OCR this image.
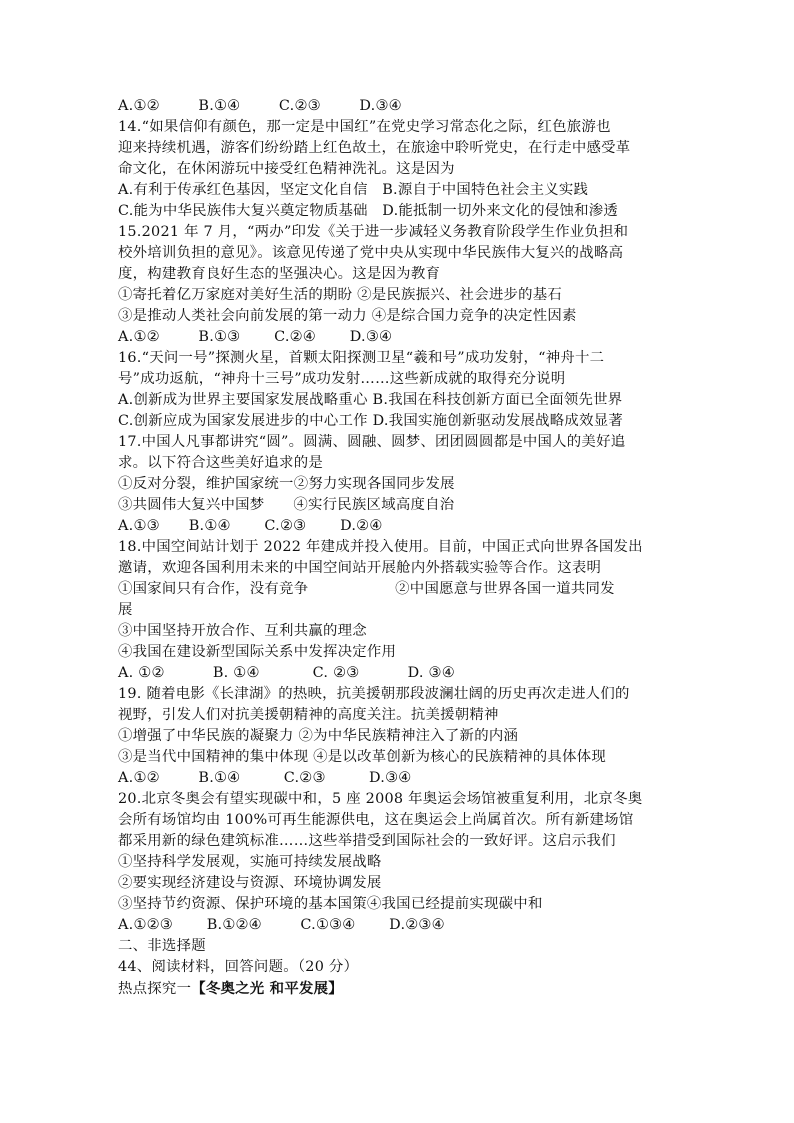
A.①②        B.①④        C.②③        D.③④
14.“如果信仰有颜色，那一定是中国红”在党史学习常态化之际，红色旅游也
迎来持续机遇，游客们纷纷踏上红色故土，在旅途中聆听党史，在行走中感受革
命文化，在休闲游玩中接受红色精神洗礼。这是因为
A.有利于传承红色基因，坚定文化自信   B.源自于中国特色社会主义实践
C.能为中华民族伟大复兴奠定物质基础   D.能抵制一切外来文化的侵蚀和渗透
15.2021 年 7 月，“两办”印发《关于进一步减轻义务教育阶段学生作业负担和
校外培训负担的意见》。该意见传递了党中央从实现中华民族伟大复兴的战略高
度，构建教育良好生态的坚强决心。这是因为教育
①寄托着亿万家庭对美好生活的期盼 ②是民族振兴、社会进步的基石
③是推动人类社会向前发展的第一动力 ④是综合国力竞争的决定性因素
A.①②        B.①③       C.②④       D.③④
16.“天问一号”探测火星，首颗太阳探测卫星“羲和号”成功发射，“神舟十二
号”成功返航，“神舟十三号”成功发射……这些新成就的取得充分说明
A.创新成为世界主要国家发展战略重心 B.我国在科技创新方面已全面领先世界
C.创新应成为国家发展进步的中心工作 D.我国实施创新驱动发展战略成效显著
17.中国人凡事都讲究“圆”。圆满、圆融、圆梦、团团圆圆都是中国人的美好追
求。以下符合这些美好追求的是
①反对分裂，维护国家统一②努力实现各国同步发展
③共圆伟大复兴中国梦      ④实行民族区域高度自治
A.①③      B.①④       C.②③       D.②④
18.中国空间站计划于 2022 年建成并投入使用。目前，中国正式向世界各国发出
邀请，欢迎各国利用未来的中国空间站开展舱内外搭载实验等合作。这表明
①国家间只有合作，没有竞争                  ②中国愿意与世界各国一道共同发
展
③中国坚持开放合作、互利共赢的理念
④我国在建设新型国际关系中发挥决定作用
A. ①②          B. ①④           C. ②③          D. ③④
19. 随着电影《长津湖》的热映，抗美援朝那段波澜壮阔的历史再次走进人们的
视野，引发人们对抗美援朝精神的高度关注。抗美援朝精神
①增强了中华民族的凝聚力 ②为中华民族精神注入了新的内涵
③是当代中国精神的集中体现 ④是以改革创新为核心的民族精神的具体体现
A.①②        B.①④         C.②③         D.③④
20.北京冬奥会有望实现碳中和，5 座 2008 年奥运会场馆被重复利用，北京冬奥
会所有场馆均由 100%可再生能源供电，这在奥运会上尚属首次。所有新建场馆
都采用新的绿色建筑标准……这些举措受到国际社会的一致好评。这启示我们
①坚持科学发展观，实施可持续发展战略
②要实现经济建设与资源、环境协调发展
③坚持节约资源、保护环境的基本国策④我国已经提前实现碳中和
A.①②③       B.①②④        C.①③④       D.②③④
二、非选择题
44、阅读材料，回答问题。（20 分）
热点探究一【冬奥之光 和平发展】
